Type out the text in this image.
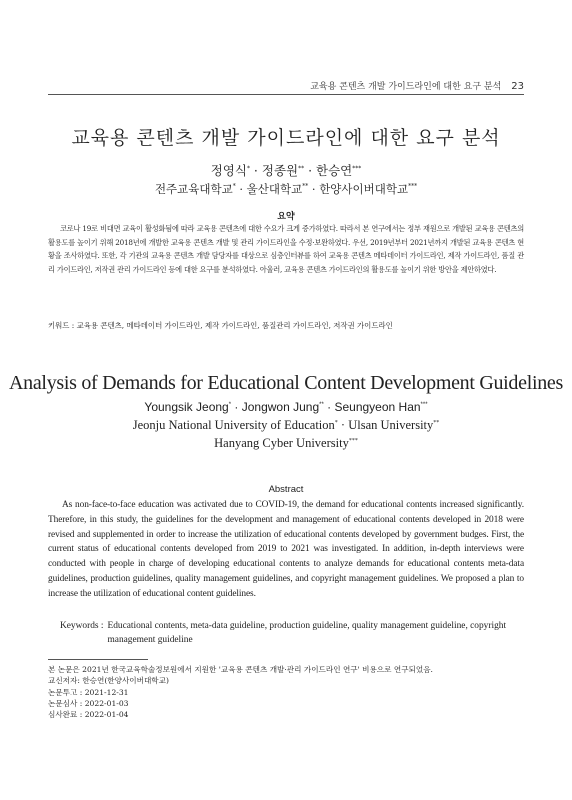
교육용 콘텐츠 개발 가이드라인에 대한 요구 분석 23
교육용 콘텐츠 개발 가이드라인에 대한 요구 분석
정영식* · 정종원** · 한승연***
전주교육대학교* · 울산대학교** · 한양사이버대학교***
요약
코로나 19로 비대면 교육이 활성화됨에 따라 교육용 콘텐츠에 대한 수요가 크게 증가하였다. 따라서 본 연구에서는 정부 재원으로 개발된 교육용 콘텐츠의 활용도를 높이기 위해 2018년에 개발한 교육용 콘텐츠 개발 및 관리 가이드라인을 수정·보완하였다. 우선, 2019년부터 2021년까지 개발된 교육용 콘텐츠 현황을 조사하였다. 또한, 각 기관의 교육용 콘텐츠 개발 담당자를 대상으로 심층인터뷰를 하여 교육용 콘텐츠 메타데이터 가이드라인, 제작 가이드라인, 품질 관리 가이드라인, 저작권 관리 가이드라인 등에 대한 요구를 분석하였다. 아울러, 교육용 콘텐츠 가이드라인의 활용도를 높이기 위한 방안을 제안하였다.
키워드 : 교육용 콘텐츠, 메타데이터 가이드라인, 제작 가이드라인, 품질관리 가이드라인, 저작권 가이드라인
Analysis of Demands for Educational Content Development Guidelines
Youngsik Jeong* · Jongwon Jung** · Seungyeon Han***
Jeonju National University of Education* · Ulsan University**
Hanyang Cyber University***
Abstract
As non-face-to-face education was activated due to COVID-19, the demand for educational contents increased significantly. Therefore, in this study, the guidelines for the development and management of educational contents developed in 2018 were revised and supplemented in order to increase the utilization of educational contents developed by government budges. First, the current status of educational contents developed from 2019 to 2021 was investigated. In addition, in-depth interviews were conducted with people in charge of developing educational contents to analyze demands for educational contents meta-data guidelines, production guidelines, quality management guidelines, and copyright management guidelines. We proposed a plan to increase the utilization of educational content guidelines.
Keywords : Educational contents, meta-data guideline, production guideline, quality management guideline, copyright management guideline
본 논문은 2021년 한국교육학술정보원에서 지원한 '교육용 콘텐츠 개발·관리 가이드라인 연구' 비용으로 연구되었음.
교신저자: 한승연(한양사이버대학교)
논문투고 : 2021-12-31
논문심사 : 2022-01-03
심사완료 : 2022-01-04
